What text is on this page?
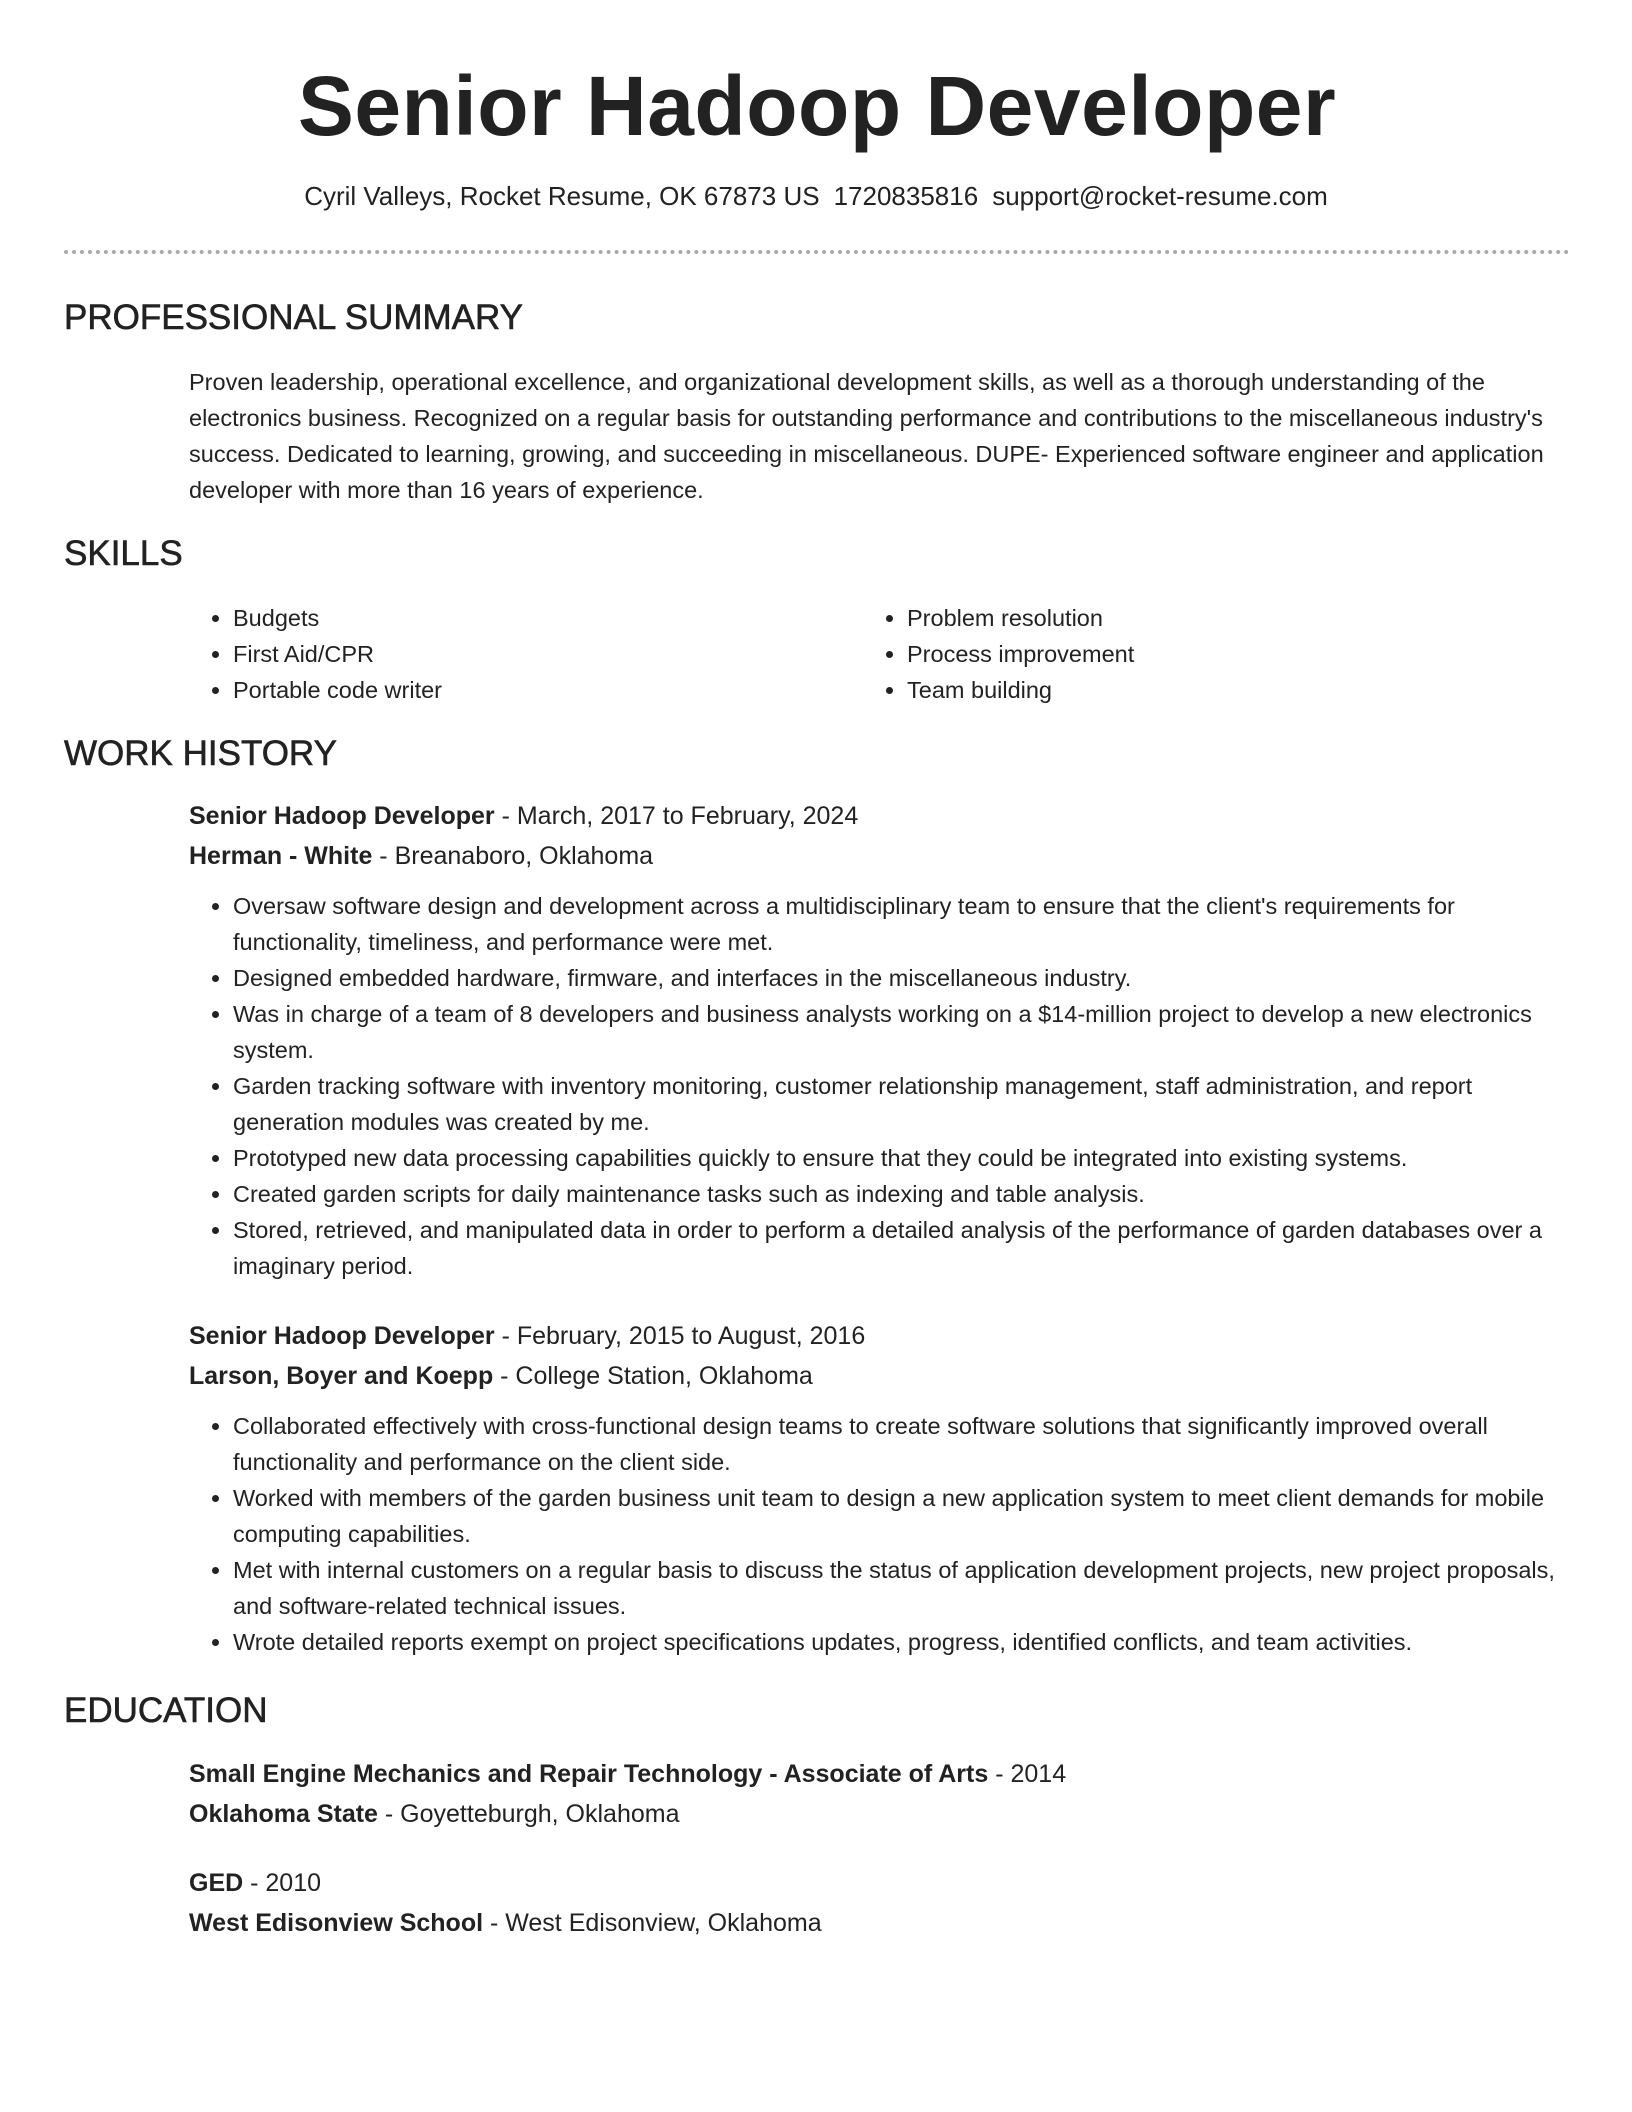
Senior Hadoop Developer

Cyril Valleys, Rocket Resume, OK 67873 US 1720835816 support@rocket-resume.com

PROFESSIONAL SUMMARY

Proven leadership, operational excellence, and organizational development skills, as well as a thorough understanding of the electronics business. Recognized on a regular basis for outstanding performance and contributions to the miscellaneous industry's success. Dedicated to learning, growing, and succeeding in miscellaneous. DUPE- Experienced software engineer and application developer with more than 16 years of experience.

SKILLS
• Budgets
• First Aid/CPR
• Portable code writer
• Problem resolution
• Process improvement
• Team building
WORK HISTORY

Senior Hadoop Developer - March, 2017 to February, 2024

Herman - White - Breanaboro, Oklahoma

• Oversaw software design and development across a multidisciplinary team to ensure that the client's requirements for functionality, timeliness, and performance were met.
• Designed embedded hardware, firmware, and interfaces in the miscellaneous industry.
• Was in charge of a team of 8 developers and business analysts working on a $14-million project to develop a new electronics system.
• Garden tracking software with inventory monitoring, customer relationship management, staff administration, and report generation modules was created by me.
• Prototyped new data processing capabilities quickly to ensure that they could be integrated into existing systems.
• Created garden scripts for daily maintenance tasks such as indexing and table analysis.
• Stored, retrieved, and manipulated data in order to perform a detailed analysis of the performance of garden databases over a imaginary period.

Senior Hadoop Developer - February, 2015 to August, 2016

Larson, Boyer and Koepp - College Station, Oklahoma

• Collaborated effectively with cross-functional design teams to create software solutions that significantly improved overall functionality and performance on the client side.
• Worked with members of the garden business unit team to design a new application system to meet client demands for mobile computing capabilities.
• Met with internal customers on a regular basis to discuss the status of application development projects, new project proposals, and software-related technical issues.
• Wrote detailed reports exempt on project specifications updates, progress, identified conflicts, and team activities.
EDUCATION

Small Engine Mechanics and Repair Technology - Associate of Arts - 2014

Oklahoma State - Goyetteburgh, Oklahoma

GED - 2010

West Edisonview School - West Edisonview, Oklahoma
